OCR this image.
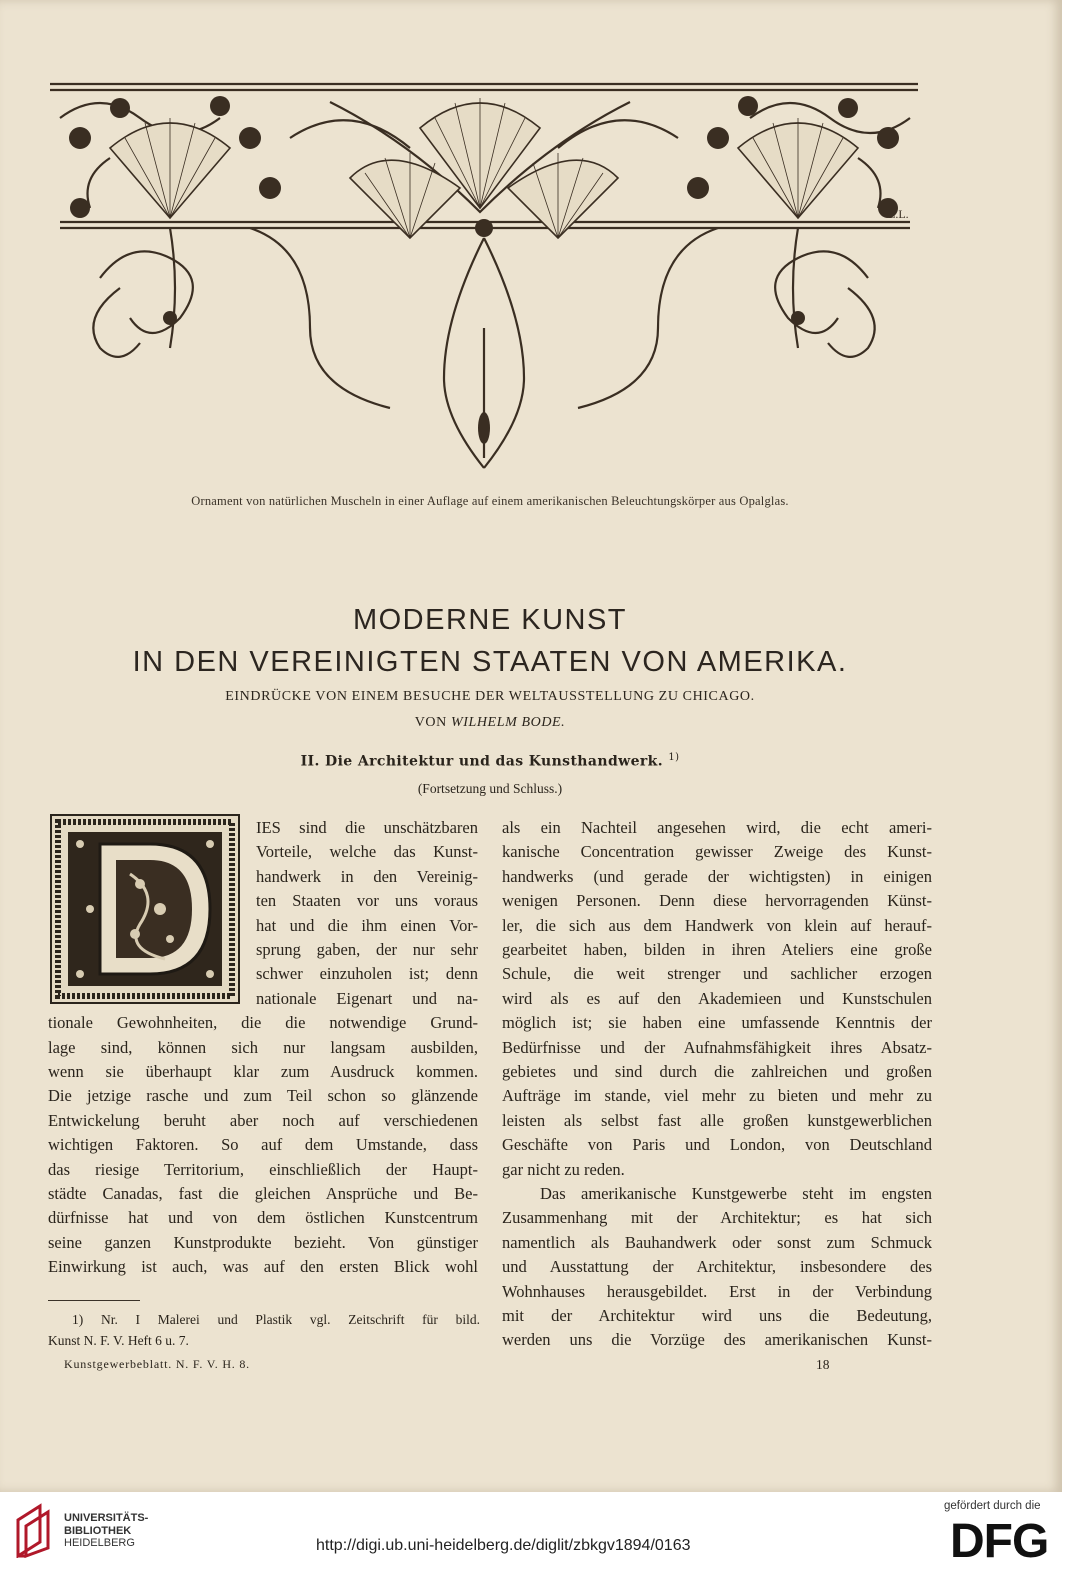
E.L.
Ornament von natürlichen Muscheln in einer Auflage auf einem amerikanischen Beleuchtungskörper aus Opalglas.
MODERNE KUNST
IN DEN VEREINIGTEN STAATEN VON AMERIKA.
EINDRÜCKE VON EINEM BESUCHE DER WELTAUSSTELLUNG ZU CHICAGO.
VON WILHELM BODE.
II. Die Architektur und das Kunsthandwerk. $^{1)}$
(Fortsetzung und Schluss.)
IES sind die unschätzbaren
Vorteile, welche das Kunst-
handwerk in den Vereinig-
ten Staaten vor uns voraus
hat und die ihm einen Vor-
sprung gaben, der nur sehr
schwer einzuholen ist; denn
nationale Eigenart und na-
tionale Gewohnheiten, die die notwendige Grund-
lage sind, können sich nur langsam ausbilden,
wenn sie überhaupt klar zum Ausdruck kommen.
Die jetzige rasche und zum Teil schon so glänzende
Entwickelung beruht aber noch auf verschiedenen
wichtigen Faktoren. So auf dem Umstande, dass
das riesige Territorium, einschließlich der Haupt-
städte Canadas, fast die gleichen Ansprüche und Be-
dürfnisse hat und von dem östlichen Kunstcentrum
seine ganzen Kunstprodukte bezieht. Von günstiger
Einwirkung ist auch, was auf den ersten Blick wohl
als ein Nachteil angesehen wird, die echt ameri-
kanische Concentration gewisser Zweige des Kunst-
handwerks (und gerade der wichtigsten) in einigen
wenigen Personen. Denn diese hervorragenden Künst-
ler, die sich aus dem Handwerk von klein auf herauf-
gearbeitet haben, bilden in ihren Ateliers eine große
Schule, die weit strenger und sachlicher erzogen
wird als es auf den Akademieen und Kunstschulen
möglich ist; sie haben eine umfassende Kenntnis der
Bedürfnisse und der Aufnahmsfähigkeit ihres Absatz-
gebietes und sind durch die zahlreichen und großen
Aufträge im stande, viel mehr zu bieten und mehr zu
leisten als selbst fast alle großen kunstgewerblichen
Geschäfte von Paris und London, von Deutschland
gar nicht zu reden.
Das amerikanische Kunstgewerbe steht im engsten
Zusammenhang mit der Architektur; es hat sich
namentlich als Bauhandwerk oder sonst zum Schmuck
und Ausstattung der Architektur, insbesondere des
Wohnhauses herausgebildet. Erst in der Verbindung
mit der Architektur wird uns die Bedeutung,
werden uns die Vorzüge des amerikanischen Kunst-
1) Nr. I Malerei und Plastik vgl. Zeitschrift für bild.
Kunst N. F. V. Heft 6 u. 7.
Kunstgewerbeblatt. N. F. V. H. 8.	18
UNIVERSITÄTS-
BIBLIOTHEK
HEIDELBERG	http://digi.ub.uni-heidelberg.de/diglit/zbkgv1894/0163
gefördert durch die
DFG
